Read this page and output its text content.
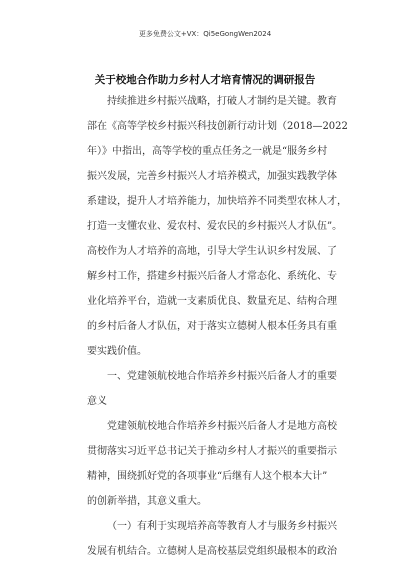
更多免费公文+VX：Qi5eGongWen2024
关于校地合作助力乡村人才培育情况的调研报告
持续推进乡村振兴战略，打破人才制约是关键。教育
部在《高等学校乡村振兴科技创新行动计划（2018—2022
年）》中指出，高等学校的重点任务之一就是“服务乡村
振兴发展，完善乡村振兴人才培养模式，加强实践教学体
系建设，提升人才培养能力，加快培养不同类型农林人才，
打造一支懂农业、爱农村、爱农民的乡村振兴人才队伍”。
高校作为人才培养的高地，引导大学生认识乡村发展、了
解乡村工作，搭建乡村振兴后备人才常态化、系统化、专
业化培养平台，造就一支素质优良、数量充足、结构合理
的乡村后备人才队伍，对于落实立德树人根本任务具有重
要实践价值。
一、党建领航校地合作培养乡村振兴后备人才的重要
意义
党建领航校地合作培养乡村振兴后备人才是地方高校
贯彻落实习近平总书记关于推动乡村人才振兴的重要指示
精神，围绕抓好党的各项事业“后继有人这个根本大计”
的创新举措，其意义重大。
（一）有利于实现培养高等教育人才与服务乡村振兴
发展有机结合。立德树人是高校基层党组织最根本的政治
